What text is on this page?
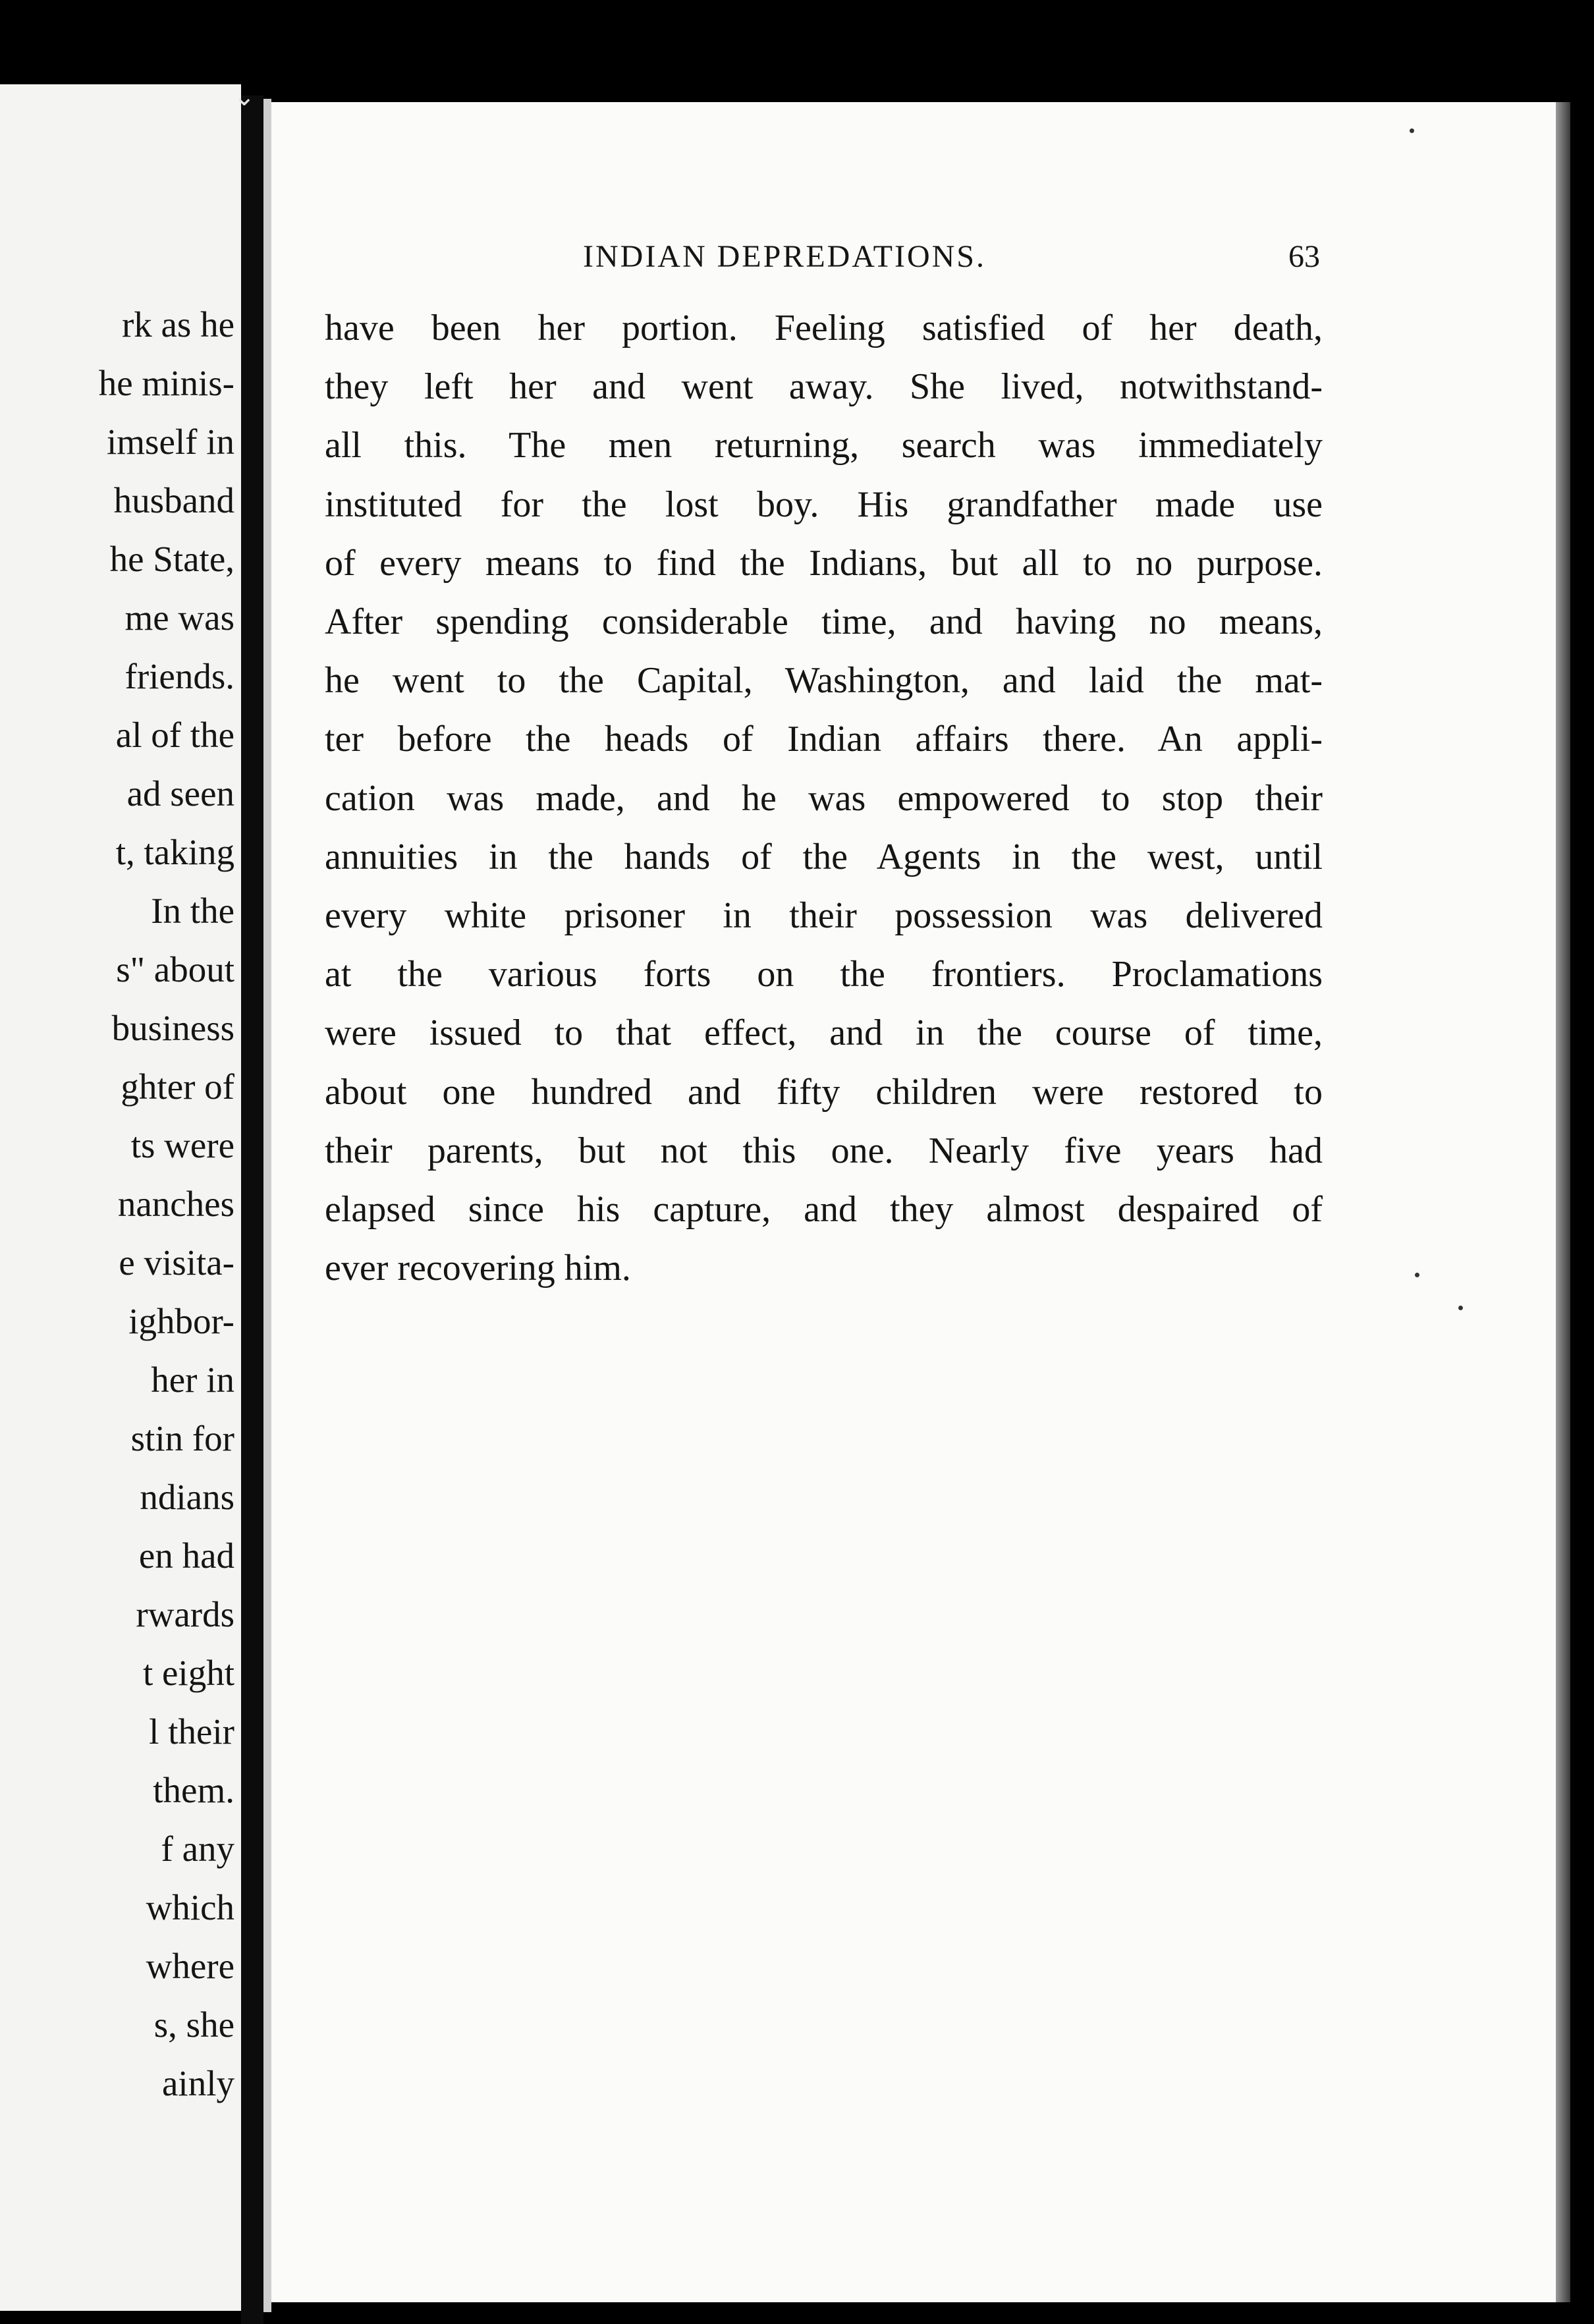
rk as he
he minis-
imself in
husband
he State,
me was
friends.
al of the
ad seen
t, taking
In the
s" about
business
ghter of
ts were
nanches
e visita-
ighbor-
her in
stin for
ndians
en had
rwards
t eight
l their
them.
f any
which
where
s, she
ainly
⌄
INDIAN DEPREDATIONS.	63
have been her portion. Feeling satisfied of her death,
they left her and went away. She lived, notwithstand-
all this. The men returning, search was immediately
instituted for the lost boy. His grandfather made use
of every means to find the Indians, but all to no purpose.
After spending considerable time, and having no means,
he went to the Capital, Washington, and laid the mat-
ter before the heads of Indian affairs there. An appli-
cation was made, and he was empowered to stop their
annuities in the hands of the Agents in the west, until
every white prisoner in their possession was delivered
at the various forts on the frontiers. Proclamations
were issued to that effect, and in the course of time,
about one hundred and fifty children were restored to
their parents, but not this one. Nearly five years had
elapsed since his capture, and they almost despaired of
ever recovering him.
